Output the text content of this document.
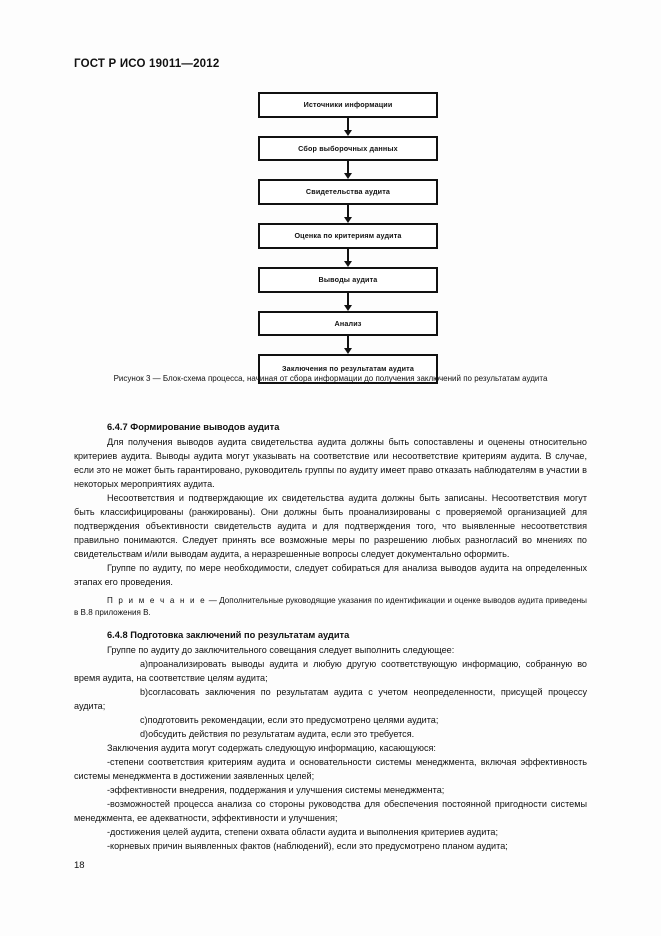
ГОСТ Р ИСО 19011—2012
Источники информации
Сбор выборочных данных
Свидетельства аудита
Оценка по критериям аудита
Выводы аудита
Анализ
Заключения по результатам аудита
Рисунок 3 — Блок-схема процесса, начиная от сбора информации до получения заключений по результатам аудита
6.4.7 Формирование выводов аудита

Для получения выводов аудита свидетельства аудита должны быть сопоставлены и оценены относительно критериев аудита. Выводы аудита могут указывать на соответствие или несоответствие критериям аудита. В случае, если это не может быть гарантировано, руководитель группы по аудиту имеет право отказать наблюдателям в участии в некоторых мероприятиях аудита.

Несоответствия и подтверждающие их свидетельства аудита должны быть записаны. Несоответствия могут быть классифицированы (ранжированы). Они должны быть проанализированы с проверяемой организацией для подтверждения объективности свидетельств аудита и для подтверждения того, что выявленные несоответствия правильно понимаются. Следует принять все возможные меры по разрешению любых разногласий во мнениях по свидетельствам и/или выводам аудита, а неразрешенные вопросы следует документально оформить.

Группе по аудиту, по мере необходимости, следует собираться для анализа выводов аудита на определенных этапах его проведения.

П р и м е ч а н и е — Дополнительные руководящие указания по идентификации и оценке выводов аудита приведены в В.8 приложения В.

6.4.8 Подготовка заключений по результатам аудита

Группе по аудиту до заключительного совещания следует выполнить следующее:

a)проанализировать выводы аудита и любую другую соответствующую информацию, собранную во время аудита, на соответствие целям аудита;

b)согласовать заключения по результатам аудита с учетом неопределенности, присущей процессу аудита;

c)подготовить рекомендации, если это предусмотрено целями аудита;

d)обсудить действия по результатам аудита, если это требуется.

Заключения аудита могут содержать следующую информацию, касающуюся:

-степени соответствия критериям аудита и основательности системы менеджмента, включая эффективность системы менеджмента в достижении заявленных целей;

-эффективности внедрения, поддержания и улучшения системы менеджмента;

-возможностей процесса анализа со стороны руководства для обеспечения постоянной пригодности системы менеджмента, ее адекватности, эффективности и улучшения;

-достижения целей аудита, степени охвата области аудита и выполнения критериев аудита;

-корневых причин выявленных фактов (наблюдений), если это предусмотрено планом аудита;

18
